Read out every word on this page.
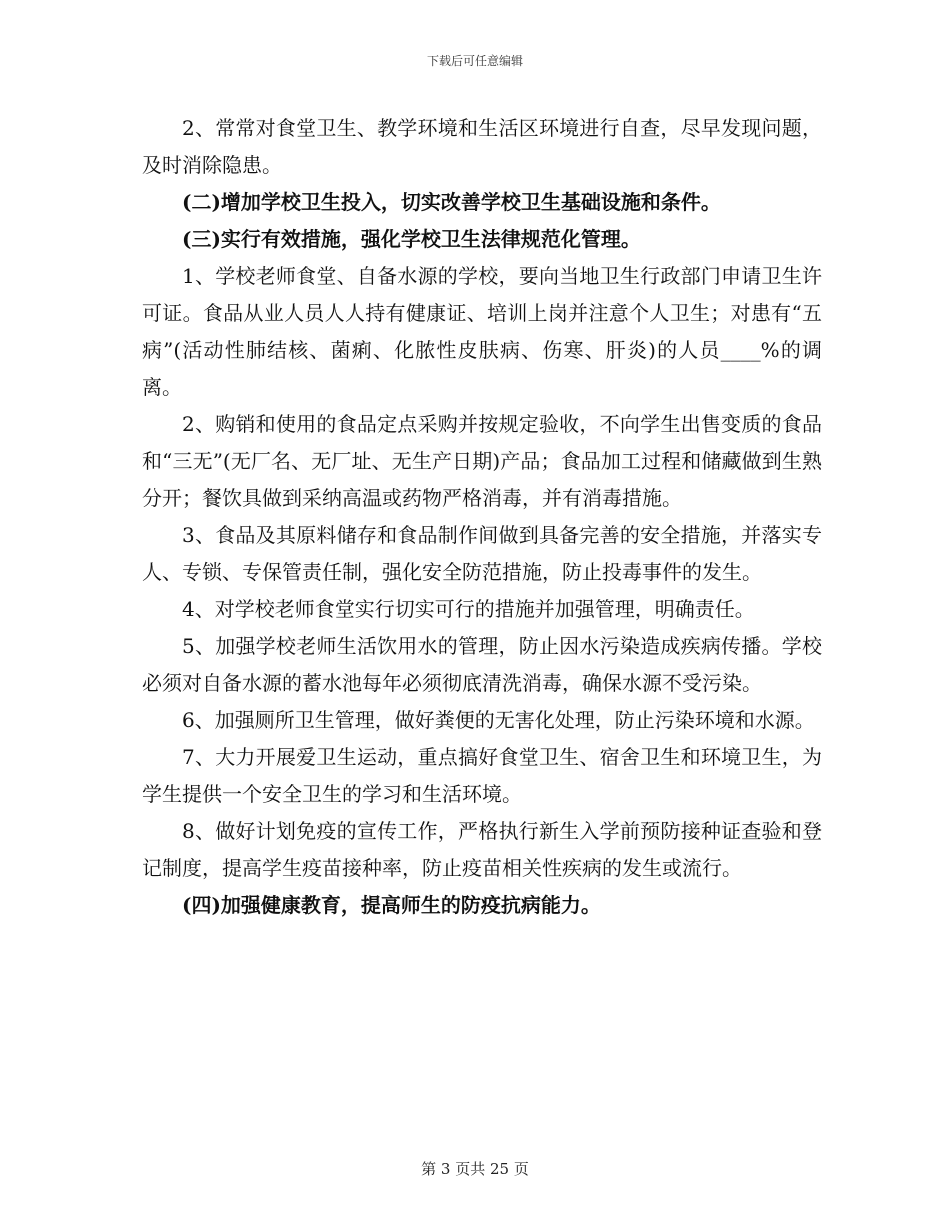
下载后可任意编辑

2、常常对食堂卫生、教学环境和生活区环境进行自查，尽早发现问题，及时消除隐患。

(二)增加学校卫生投入，切实改善学校卫生基础设施和条件。

(三)实行有效措施，强化学校卫生法律规范化管理。

1、学校老师食堂、自备水源的学校，要向当地卫生行政部门申请卫生许可证。食品从业人员人人持有健康证、培训上岗并注意个人卫生；对患有“五病”(活动性肺结核、菌痢、化脓性皮肤病、伤寒、肝炎)的人员____%的调离。

2、购销和使用的食品定点采购并按规定验收，不向学生出售变质的食品和“三无”(无厂名、无厂址、无生产日期)产品；食品加工过程和储藏做到生熟分开；餐饮具做到采纳高温或药物严格消毒，并有消毒措施。

3、食品及其原料储存和食品制作间做到具备完善的安全措施，并落实专人、专锁、专保管责任制，强化安全防范措施，防止投毒事件的发生。

4、对学校老师食堂实行切实可行的措施并加强管理，明确责任。

5、加强学校老师生活饮用水的管理，防止因水污染造成疾病传播。学校必须对自备水源的蓄水池每年必须彻底清洗消毒，确保水源不受污染。

6、加强厕所卫生管理，做好粪便的无害化处理，防止污染环境和水源。

7、大力开展爱卫生运动，重点搞好食堂卫生、宿舍卫生和环境卫生，为学生提供一个安全卫生的学习和生活环境。

8、做好计划免疫的宣传工作，严格执行新生入学前预防接种证查验和登记制度，提高学生疫苗接种率，防止疫苗相关性疾病的发生或流行。

(四)加强健康教育，提高师生的防疫抗病能力。

第 3 页共 25 页
